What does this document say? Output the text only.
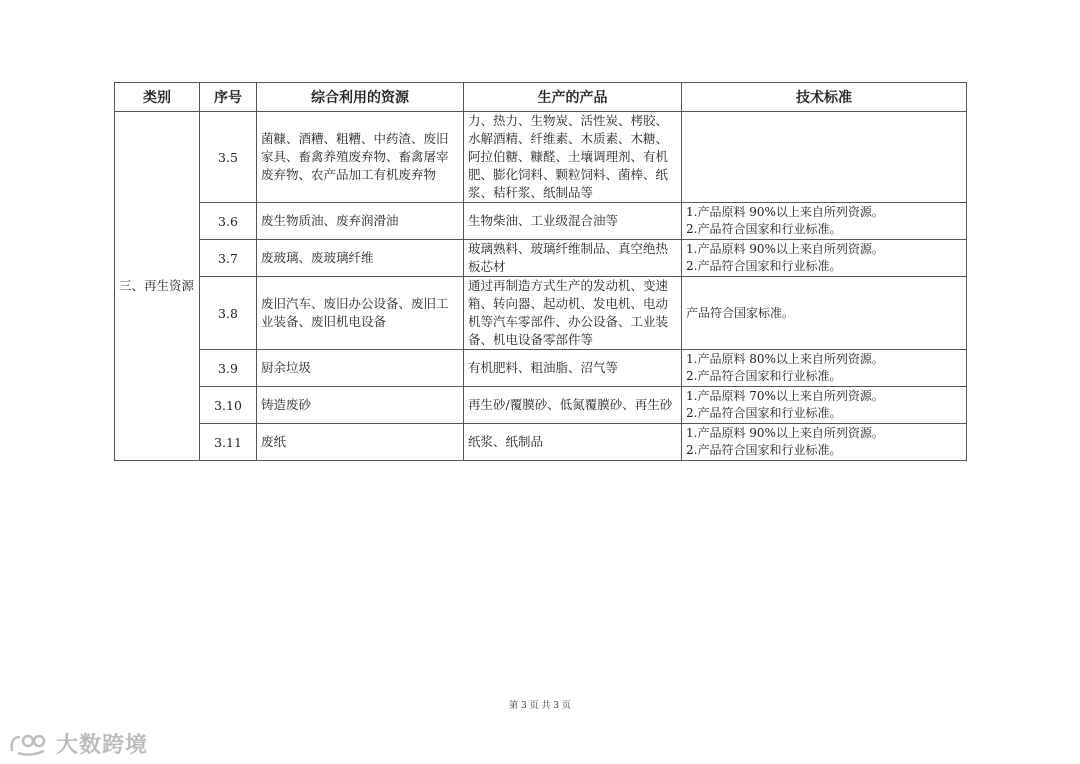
类别	序号	综合利用的资源	生产的产品	技术标准
三、再生资源	3.5	菌糠、酒糟、粗糟、中药渣、废旧家具、畜禽养殖废弃物、畜禽屠宰废弃物、农产品加工有机废弃物	力、热力、生物炭、活性炭、栲胶、水解酒精、纤维素、木质素、木糖、阿拉伯糖、糠醛、土壤调理剂、有机肥、膨化饲料、颗粒饲料、菌棒、纸浆、秸秆浆、纸制品等	

	3.6	废生物质油、废弃润滑油	生物柴油、工业级混合油等	1.产品原料 90%以上来自所列资源。
2.产品符合国家和行业标准。

	3.7	废玻璃、废玻璃纤维	玻璃熟料、玻璃纤维制品、真空绝热板芯材	1.产品原料 90%以上来自所列资源。
2.产品符合国家和行业标准。

	3.8	废旧汽车、废旧办公设备、废旧工业装备、废旧机电设备	通过再制造方式生产的发动机、变速箱、转向器、起动机、发电机、电动机等汽车零部件、办公设备、工业装备、机电设备零部件等	产品符合国家标准。

	3.9	厨余垃圾	有机肥料、粗油脂、沼气等	1.产品原料 80%以上来自所列资源。
2.产品符合国家和行业标准。

	3.10	铸造废砂	再生砂/覆膜砂、低氮覆膜砂、再生砂	1.产品原料 70%以上来自所列资源。
2.产品符合国家和行业标准。

	3.11	废纸	纸浆、纸制品	1.产品原料 90%以上来自所列资源。
2.产品符合国家和行业标准。
第 3 页 共 3 页
大数跨境
